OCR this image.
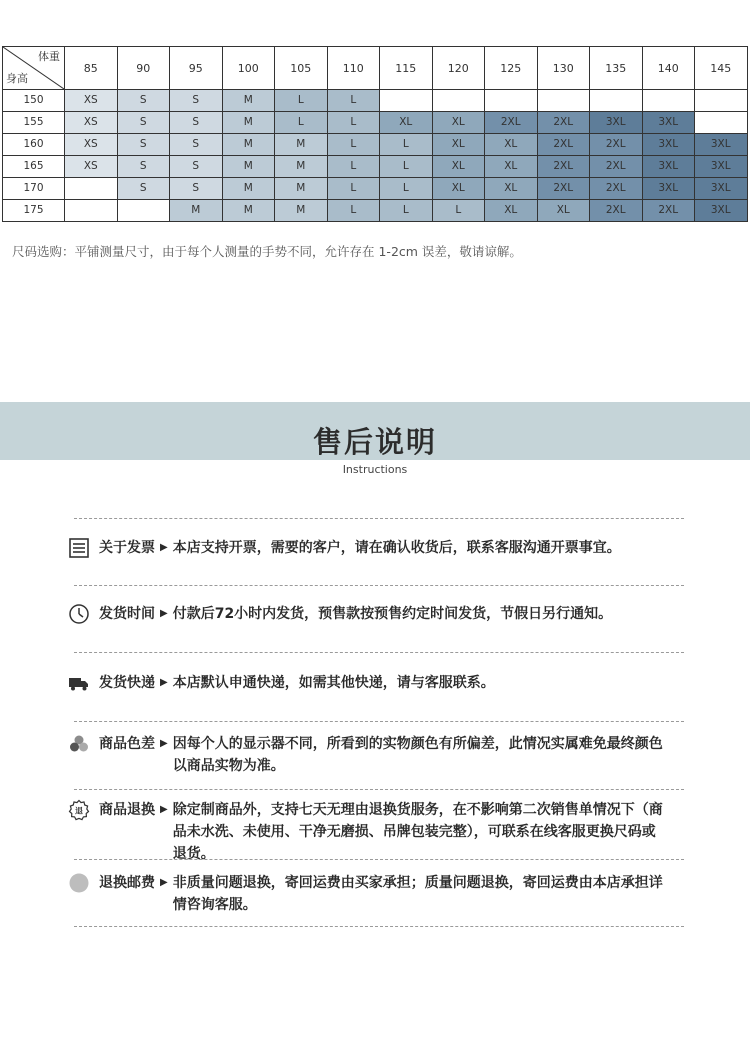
体重
身高	85	90	95	100	105	110	115	120	125	130	135	140	145
150	XS	S	S	M	L	L							
155	XS	S	S	M	L	L	XL	XL	2XL	2XL	3XL	3XL	
160	XS	S	S	M	M	L	L	XL	XL	2XL	2XL	3XL	3XL
165	XS	S	S	M	M	L	L	XL	XL	2XL	2XL	3XL	3XL
170		S	S	M	M	L	L	XL	XL	2XL	2XL	3XL	3XL
175			M	M	M	L	L	L	XL	XL	2XL	2XL	3XL
尺码选购：平铺测量尺寸，由于每个人测量的手势不同，允许存在 1-2cm 误差，敬请谅解。
售后说明
Instructions
关于发票 ▶ 本店支持开票，需要的客户，请在确认收货后，联系客服沟通开票事宜。
发货时间 ▶ 付款后72小时内发货，预售款按预售约定时间发货，节假日另行通知。
发货快递 ▶ 本店默认申通快递，如需其他快递，请与客服联系。
商品色差 ▶ 因每个人的显示器不同，所看到的实物颜色有所偏差，此情况实属难免最终颜色以商品实物为准。
退 商品退换 ▶ 除定制商品外，支持七天无理由退换货服务，在不影响第二次销售单情况下（商品未水洗、未使用、干净无磨损、吊牌包装完整），可联系在线客服更换尺码或退货。
退换邮费 ▶ 非质量问题退换，寄回运费由买家承担；质量问题退换，寄回运费由本店承担详情咨询客服。
